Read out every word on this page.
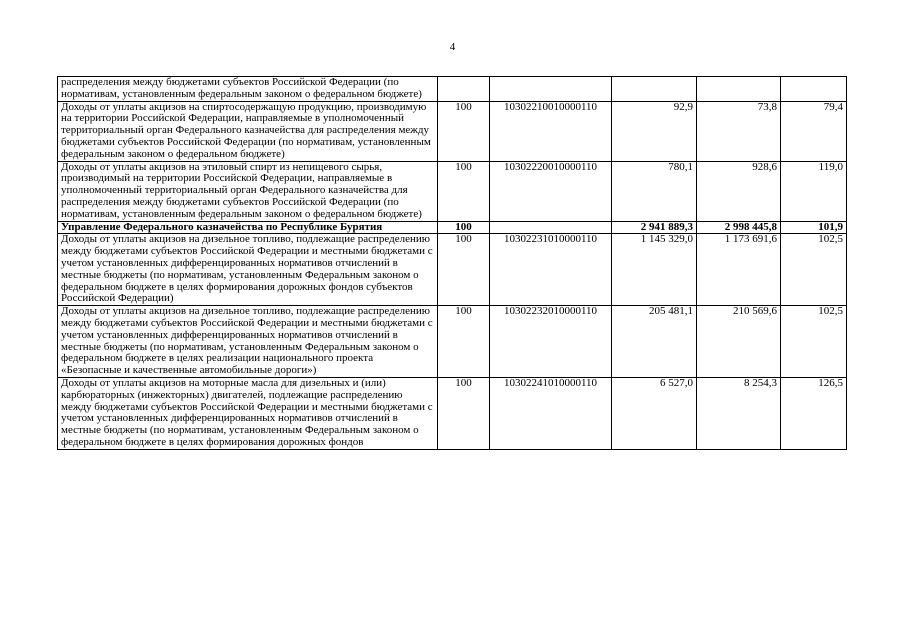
4
распределения между бюджетами субъектов Российской Федерации (по нормативам, установленным федеральным законом о федеральном бюджете)					
Доходы от уплаты акцизов на спиртосодержащую продукцию, производимую на территории Российской Федерации, направляемые в уполномоченный территориальный орган Федерального казначейства для распределения между бюджетами субъектов Российской Федерации (по нормативам, установленным федеральным законом о федеральном бюджете)	100	10302210010000110	92,9	73,8	79,4
Доходы от уплаты акцизов на этиловый спирт из непищевого сырья, производимый на территории Российской Федерации, направляемые в уполномоченный территориальный орган Федерального казначейства для распределения между бюджетами субъектов Российской Федерации (по нормативам, установленным федеральным законом о федеральном бюджете)	100	10302220010000110	780,1	928,6	119,0
Управление Федерального казначейства по Республике Бурятия	100		2 941 889,3	2 998 445,8	101,9
Доходы от уплаты акцизов на дизельное топливо, подлежащие распределению между бюджетами субъектов Российской Федерации и местными бюджетами с учетом установленных дифференцированных нормативов отчислений в местные бюджеты (по нормативам, установленным Федеральным законом о федеральном бюджете в целях формирования дорожных фондов субъектов Российской Федерации)	100	10302231010000110	1 145 329,0	1 173 691,6	102,5
Доходы от уплаты акцизов на дизельное топливо, подлежащие распределению между бюджетами субъектов Российской Федерации и местными бюджетами с учетом установленных дифференцированных нормативов отчислений в местные бюджеты (по нормативам, установленным Федеральным законом о федеральном бюджете в целях реализации национального проекта «Безопасные и качественные автомобильные дороги»)	100	10302232010000110	205 481,1	210 569,6	102,5
Доходы от уплаты акцизов на моторные масла для дизельных и (или) карбюраторных (инжекторных) двигателей, подлежащие распределению между бюджетами субъектов Российской Федерации и местными бюджетами с учетом установленных дифференцированных нормативов отчислений в местные бюджеты (по нормативам, установленным Федеральным законом о федеральном бюджете в целях формирования дорожных фондов	100	10302241010000110	6 527,0	8 254,3	126,5
